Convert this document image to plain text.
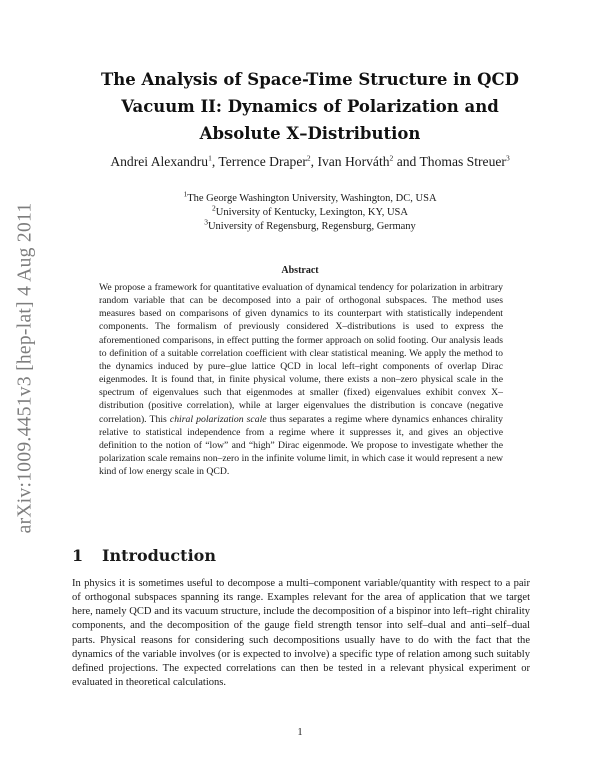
arXiv:1009.4451v3 [hep-lat] 4 Aug 2011
The Analysis of Space-Time Structure in QCD
Vacuum II: Dynamics of Polarization and
Absolute X–Distribution
Andrei Alexandru$^1$, Terrence Draper$^2$, Ivan Horváth$^2$ and Thomas Streuer$^3$
$^1$The George Washington University, Washington, DC, USA
$^2$University of Kentucky, Lexington, KY, USA
$^3$University of Regensburg, Regensburg, Germany
Abstract
We propose a framework for quantitative evaluation of dynamical tendency for polarization in arbitrary random variable that can be decomposed into a pair of orthogonal subspaces. The method uses measures based on comparisons of given dynamics to its counterpart with statistically independent components. The formalism of previously considered X–distributions is used to express the aforementioned comparisons, in effect putting the former approach on solid footing. Our analysis leads to definition of a suitable correlation coefficient with clear statistical meaning. We apply the method to the dynamics induced by pure–glue lattice QCD in local left–right components of overlap Dirac eigenmodes. It is found that, in finite physical volume, there exists a non–zero physical scale in the spectrum of eigenvalues such that eigenmodes at smaller (fixed) eigenvalues exhibit convex X–distribution (positive correlation), while at larger eigenvalues the distribution is concave (negative correlation). This chiral polarization scale thus separates a regime where dynamics enhances chirality relative to statistical independence from a regime where it suppresses it, and gives an objective definition to the notion of “low” and “high” Dirac eigenmode. We propose to investigate whether the polarization scale remains non–zero in the infinite volume limit, in which case it would represent a new kind of low energy scale in QCD.
1 Introduction
In physics it is sometimes useful to decompose a multi–component variable/quantity with respect to a pair of orthogonal subspaces spanning its range. Examples relevant for the area of application that we target here, namely QCD and its vacuum structure, include the decomposition of a bispinor into left–right chirality components, and the decomposition of the gauge field strength tensor into self–dual and anti–self–dual parts. Physical reasons for considering such decompositions usually have to do with the fact that the dynamics of the variable involves (or is expected to involve) a specific type of relation among such suitably defined projections. The expected correlations can then be tested in a relevant physical experiment or evaluated in theoretical calculations.
1
